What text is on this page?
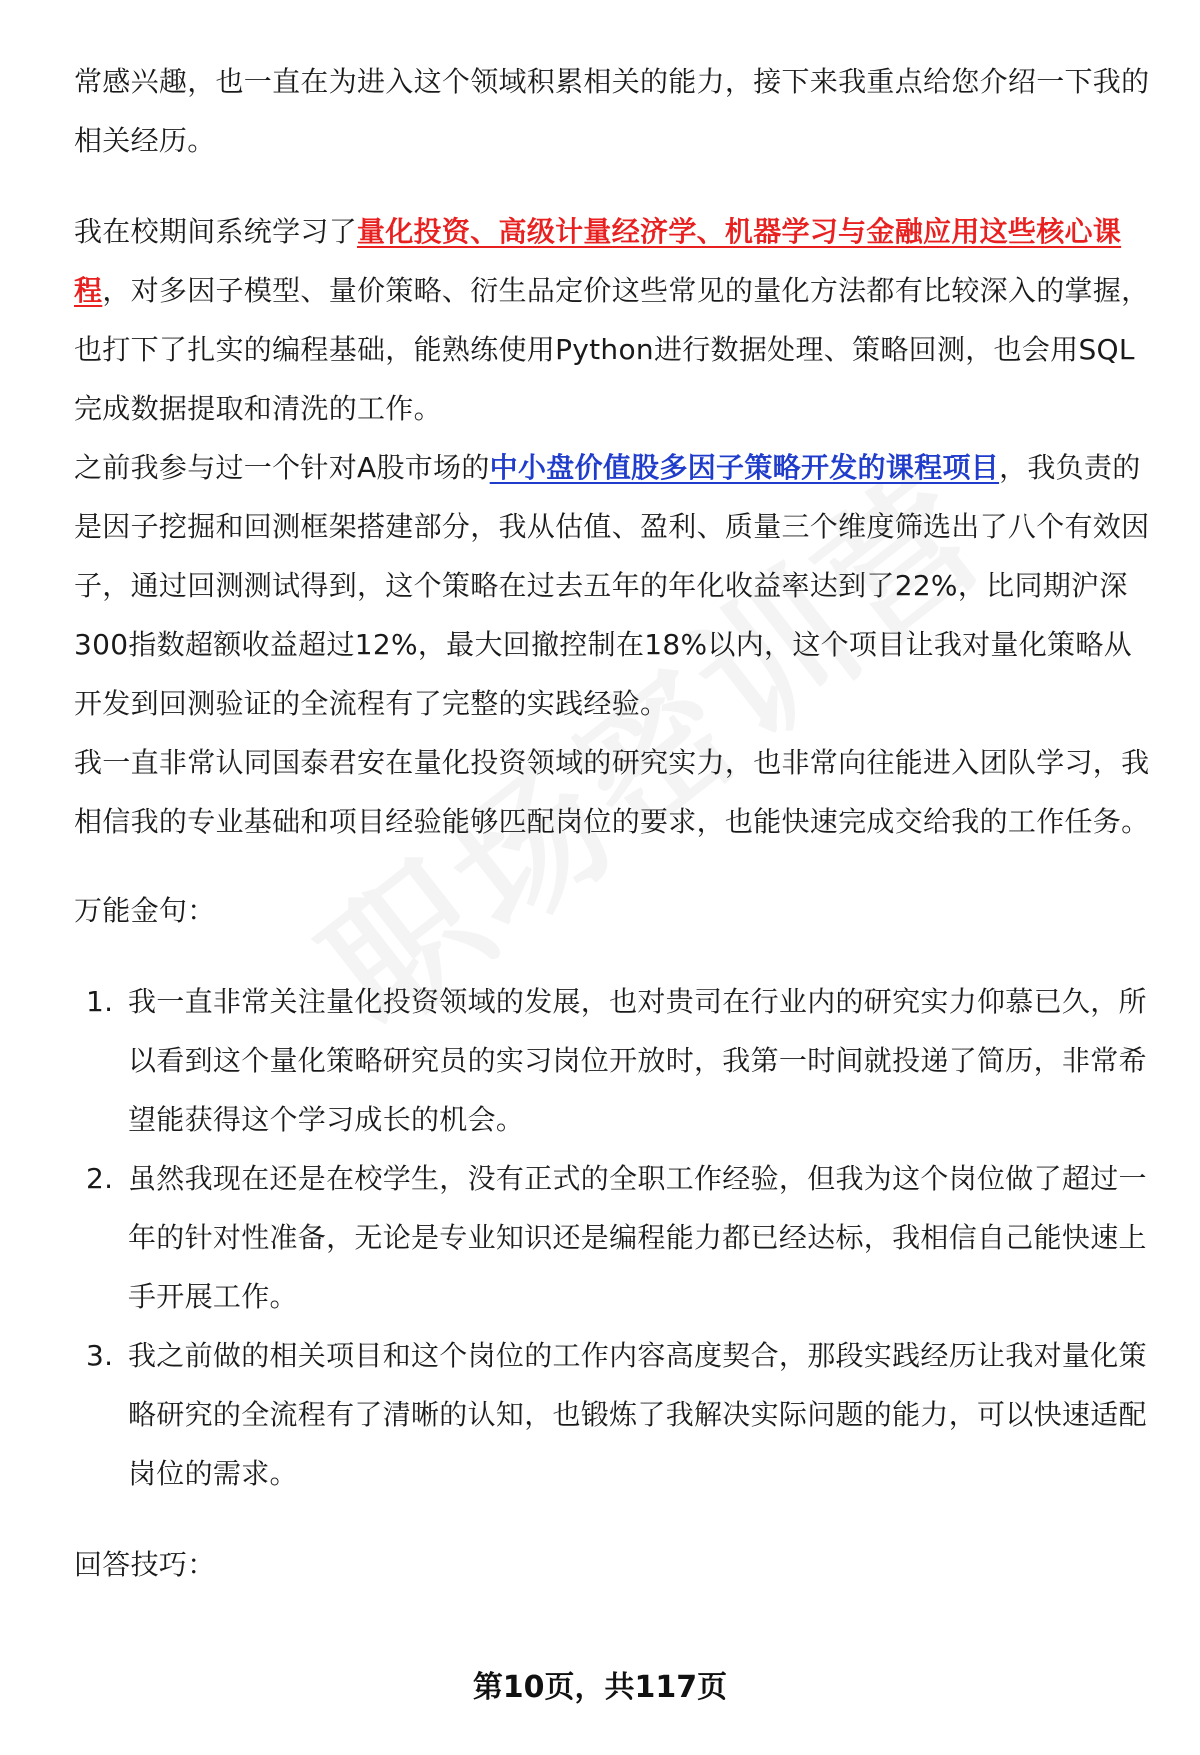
常感兴趣，也一直在为进入这个领域积累相关的能力，接下来我重点给您介绍一下我的相关经历。

我在校期间系统学习了量化投资、高级计量经济学、机器学习与金融应用这些核心课程，对多因子模型、量价策略、衍生品定价这些常见的量化方法都有比较深入的掌握，也打下了扎实的编程基础，能熟练使用Python进行数据处理、策略回测，也会用SQL完成数据提取和清洗的工作。

之前我参与过一个针对A股市场的中小盘价值股多因子策略开发的课程项目，我负责的是因子挖掘和回测框架搭建部分，我从估值、盈利、质量三个维度筛选出了八个有效因子，通过回测测试得到，这个策略在过去五年的年化收益率达到了22%，比同期沪深300指数超额收益超过12%，最大回撤控制在18%以内，这个项目让我对量化策略从开发到回测验证的全流程有了完整的实践经验。

我一直非常认同国泰君安在量化投资领域的研究实力，也非常向往能进入团队学习，我相信我的专业基础和项目经验能够匹配岗位的要求，也能快速完成交给我的工作任务。

万能金句：

1. 我一直非常关注量化投资领域的发展，也对贵司在行业内的研究实力仰慕已久，所以看到这个量化策略研究员的实习岗位开放时，我第一时间就投递了简历，非常希望能获得这个学习成长的机会。
2. 虽然我现在还是在校学生，没有正式的全职工作经验，但我为这个岗位做了超过一年的针对性准备，无论是专业知识还是编程能力都已经达标，我相信自己能快速上手开展工作。
3. 我之前做的相关项目和这个岗位的工作内容高度契合，那段实践经历让我对量化策略研究的全流程有了清晰的认知，也锻炼了我解决实际问题的能力，可以快速适配岗位的需求。

回答技巧：

第10页，共117页
